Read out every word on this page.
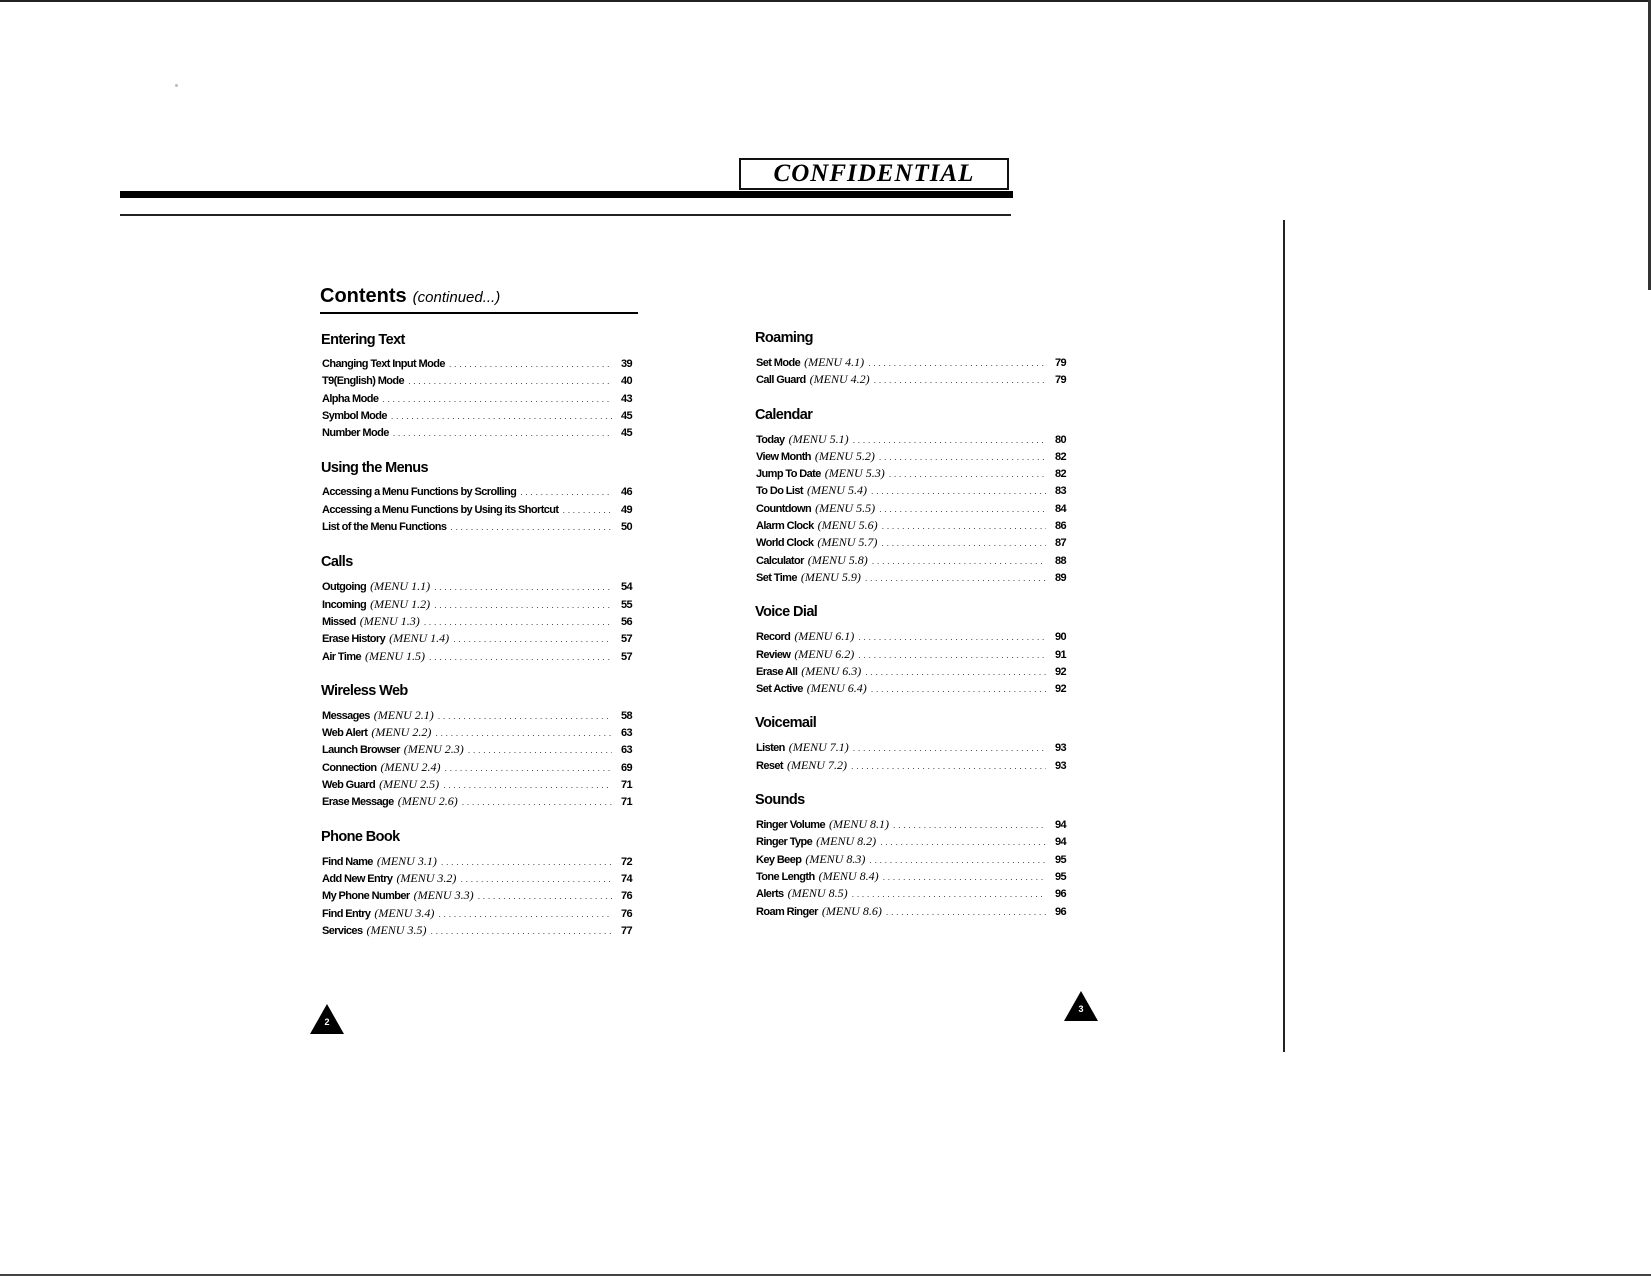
CONFIDENTIAL
Contents (continued...)
Entering Text
Changing Text Input Mode .....	39
T9(English) Mode .....	40
Alpha Mode .....	43
Symbol Mode .....	45
Number Mode .....	45
Using the Menus
Accessing a Menu Functions by Scrolling .....	46
Accessing a Menu Functions by Using its Shortcut .....	49
List of the Menu Functions .....	50
Calls
Outgoing (MENU 1.1) .....	54
Incoming (MENU 1.2) .....	55
Missed (MENU 1.3) .....	56
Erase History (MENU 1.4) .....	57
Air Time (MENU 1.5) .....	57
Wireless Web
Messages (MENU 2.1) .....	58
Web Alert (MENU 2.2) .....	63
Launch Browser (MENU 2.3) .....	63
Connection (MENU 2.4) .....	69
Web Guard (MENU 2.5) .....	71
Erase Message (MENU 2.6) .....	71
Phone Book
Find Name (MENU 3.1) .....	72
Add New Entry (MENU 3.2) .....	74
My Phone Number (MENU 3.3) .....	76
Find Entry (MENU 3.4) .....	76
Services (MENU 3.5) .....	77
Roaming
Set Mode (MENU 4.1) .....	79
Call Guard (MENU 4.2) .....	79
Calendar
Today (MENU 5.1) .....	80
View Month (MENU 5.2) .....	82
Jump To Date (MENU 5.3) .....	82
To Do List (MENU 5.4) .....	83
Countdown (MENU 5.5) .....	84
Alarm Clock (MENU 5.6) .....	86
World Clock (MENU 5.7) .....	87
Calculator (MENU 5.8) .....	88
Set Time (MENU 5.9) .....	89
Voice Dial
Record (MENU 6.1) .....	90
Review (MENU 6.2) .....	91
Erase All (MENU 6.3) .....	92
Set Active (MENU 6.4) .....	92
Voicemail
Listen (MENU 7.1) .....	93
Reset (MENU 7.2) .....	93
Sounds
Ringer Volume (MENU 8.1) .....	94
Ringer Type (MENU 8.2) .....	94
Key Beep (MENU 8.3) .....	95
Tone Length (MENU 8.4) .....	95
Alerts (MENU 8.5) .....	96
Roam Ringer (MENU 8.6) .....	96
2
3
